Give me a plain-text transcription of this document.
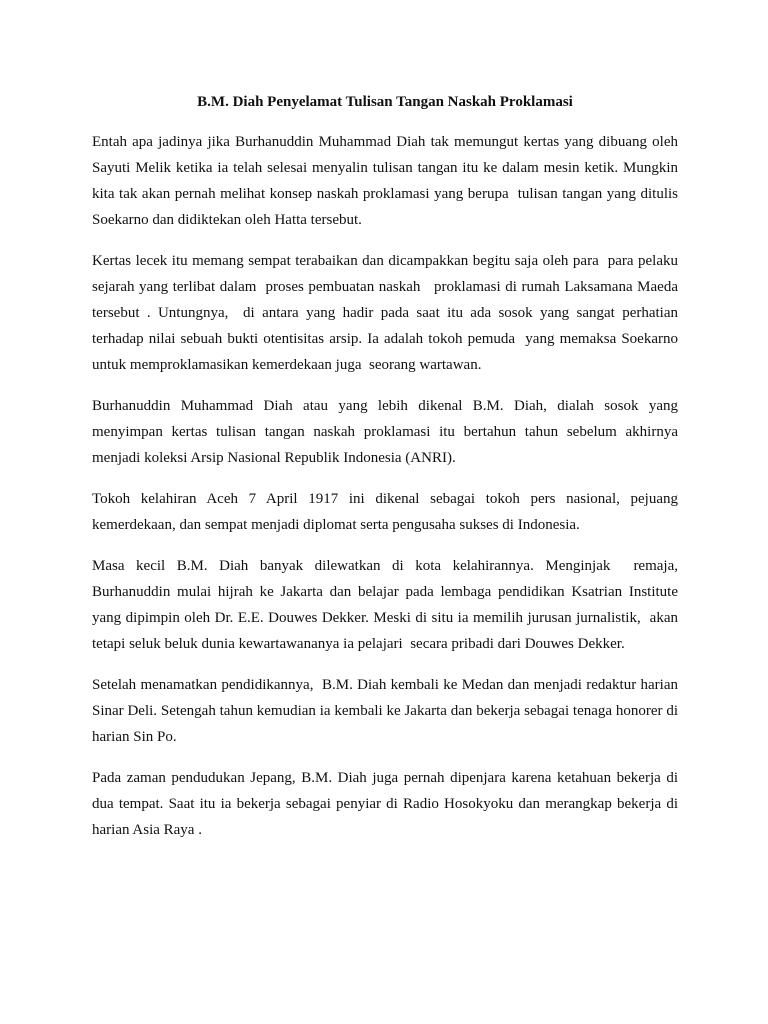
B.M. Diah Penyelamat Tulisan Tangan Naskah Proklamasi

Entah apa jadinya jika Burhanuddin Muhammad Diah tak memungut kertas yang dibuang oleh Sayuti Melik ketika ia telah selesai menyalin tulisan tangan itu ke dalam mesin ketik. Mungkin kita tak akan pernah melihat konsep naskah proklamasi yang berupa  tulisan tangan yang ditulis Soekarno dan didiktekan oleh Hatta tersebut.

Kertas lecek itu memang sempat terabaikan dan dicampakkan begitu saja oleh para  para pelaku sejarah yang terlibat dalam  proses pembuatan naskah   proklamasi di rumah Laksamana Maeda tersebut . Untungnya,  di antara yang hadir pada saat itu ada sosok yang sangat perhatian terhadap nilai sebuah bukti otentisitas arsip. Ia adalah tokoh pemuda  yang memaksa Soekarno untuk memproklamasikan kemerdekaan juga  seorang wartawan.

Burhanuddin Muhammad Diah atau yang lebih dikenal B.M. Diah, dialah sosok yang menyimpan kertas tulisan tangan naskah proklamasi itu bertahun tahun sebelum akhirnya menjadi koleksi Arsip Nasional Republik Indonesia (ANRI).

Tokoh kelahiran Aceh 7 April 1917 ini dikenal sebagai tokoh pers nasional, pejuang kemerdekaan, dan sempat menjadi diplomat serta pengusaha sukses di Indonesia.

Masa kecil B.M. Diah banyak dilewatkan di kota kelahirannya. Menginjak  remaja,  Burhanuddin mulai hijrah ke Jakarta dan belajar pada lembaga pendidikan Ksatrian Institute yang dipimpin oleh Dr. E.E. Douwes Dekker. Meski di situ ia memilih jurusan jurnalistik,  akan tetapi seluk beluk dunia kewartawananya ia pelajari  secara pribadi dari Douwes Dekker.

Setelah menamatkan pendidikannya,  B.M. Diah kembali ke Medan dan menjadi redaktur harian Sinar Deli. Setengah tahun kemudian ia kembali ke Jakarta dan bekerja sebagai tenaga honorer di harian Sin Po.

Pada zaman pendudukan Jepang, B.M. Diah juga pernah dipenjara karena ketahuan bekerja di dua tempat. Saat itu ia bekerja sebagai penyiar di Radio Hosokyoku dan merangkap bekerja di harian Asia Raya .
